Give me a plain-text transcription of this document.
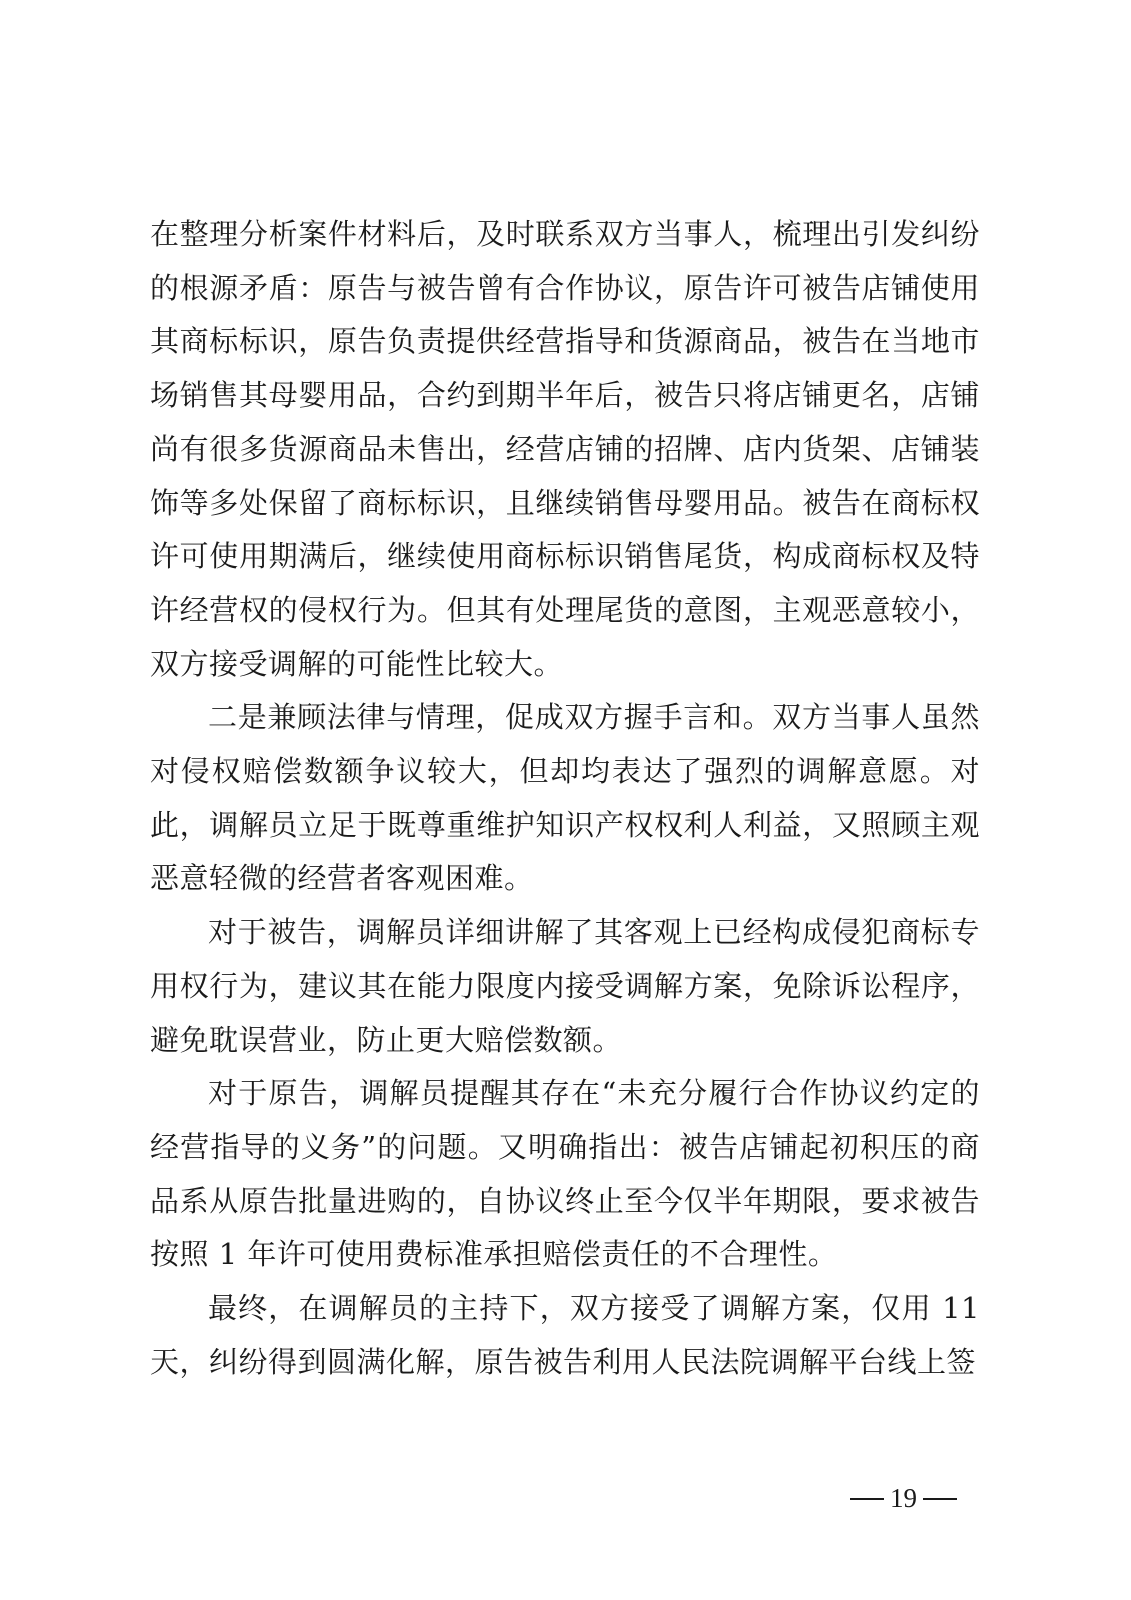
在整理分析案件材料后，及时联系双方当事人，梳理出引发纠纷的根源矛盾：原告与被告曾有合作协议，原告许可被告店铺使用其商标标识，原告负责提供经营指导和货源商品，被告在当地市场销售其母婴用品，合约到期半年后，被告只将店铺更名，店铺尚有很多货源商品未售出，经营店铺的招牌、店内货架、店铺装饰等多处保留了商标标识，且继续销售母婴用品。被告在商标权许可使用期满后，继续使用商标标识销售尾货，构成商标权及特许经营权的侵权行为。但其有处理尾货的意图，主观恶意较小，双方接受调解的可能性比较大。

二是兼顾法律与情理，促成双方握手言和。双方当事人虽然对侵权赔偿数额争议较大，但却均表达了强烈的调解意愿。对此，调解员立足于既尊重维护知识产权权利人利益，又照顾主观恶意轻微的经营者客观困难。

对于被告，调解员详细讲解了其客观上已经构成侵犯商标专用权行为，建议其在能力限度内接受调解方案，免除诉讼程序，避免耽误营业，防止更大赔偿数额。

对于原告，调解员提醒其存在“未充分履行合作协议约定的经营指导的义务”的问题。又明确指出：被告店铺起初积压的商品系从原告批量进购的，自协议终止至今仅半年期限，要求被告按照 1 年许可使用费标准承担赔偿责任的不合理性。

最终，在调解员的主持下，双方接受了调解方案，仅用 11 天，纠纷得到圆满化解，原告被告利用人民法院调解平台线上签

19
